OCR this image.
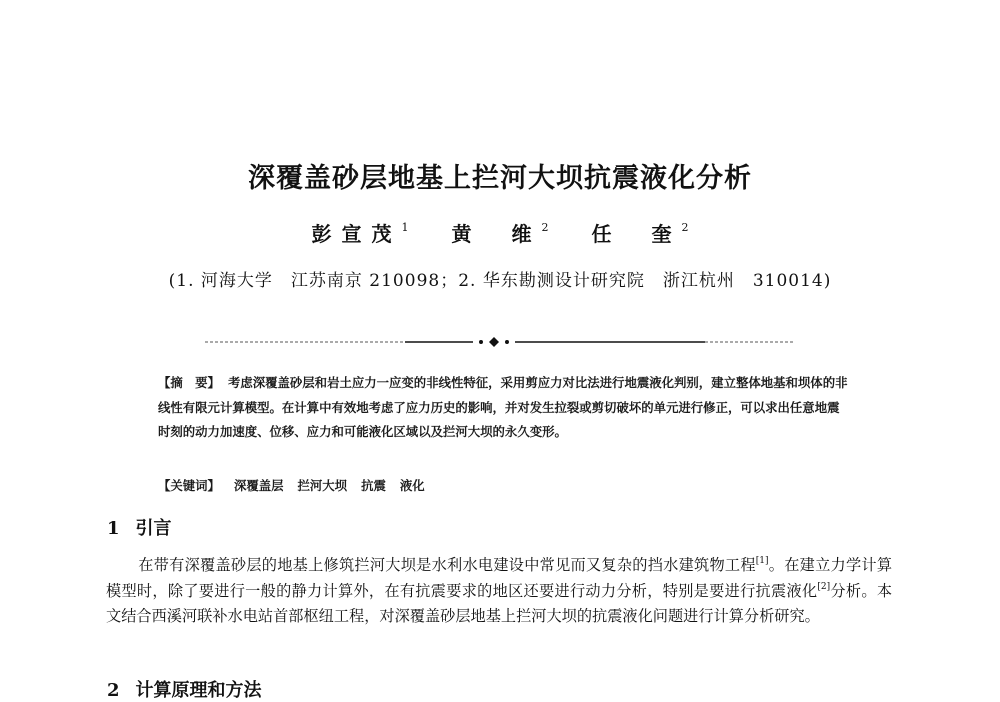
深覆盖砂层地基上拦河大坝抗震液化分析
彭宣茂$^1$ 黄　维$^2$ 任　奎$^2$
(1. 河海大学　江苏南京 210098；2. 华东勘测设计研究院　浙江杭州　310014)
【摘　要】 考虑深覆盖砂层和岩土应力一应变的非线性特征，采用剪应力对比法进行地震液化判别，建立整体地基和坝体的非线性有限元计算模型。在计算中有效地考虑了应力历史的影响，并对发生拉裂或剪切破坏的单元进行修正，可以求出任意地震时刻的动力加速度、位移、应力和可能液化区域以及拦河大坝的永久变形。
【关键词】 深覆盖层 拦河大坝 抗震 液化
1 引言
在带有深覆盖砂层的地基上修筑拦河大坝是水利水电建设中常见而又复杂的挡水建筑物工程[1]。在建立力学计算模型时，除了要进行一般的静力计算外，在有抗震要求的地区还要进行动力分析，特别是要进行抗震液化[2]分析。本文结合西溪河联补水电站首部枢纽工程，对深覆盖砂层地基上拦河大坝的抗震液化问题进行计算分析研究。
2 计算原理和方法
